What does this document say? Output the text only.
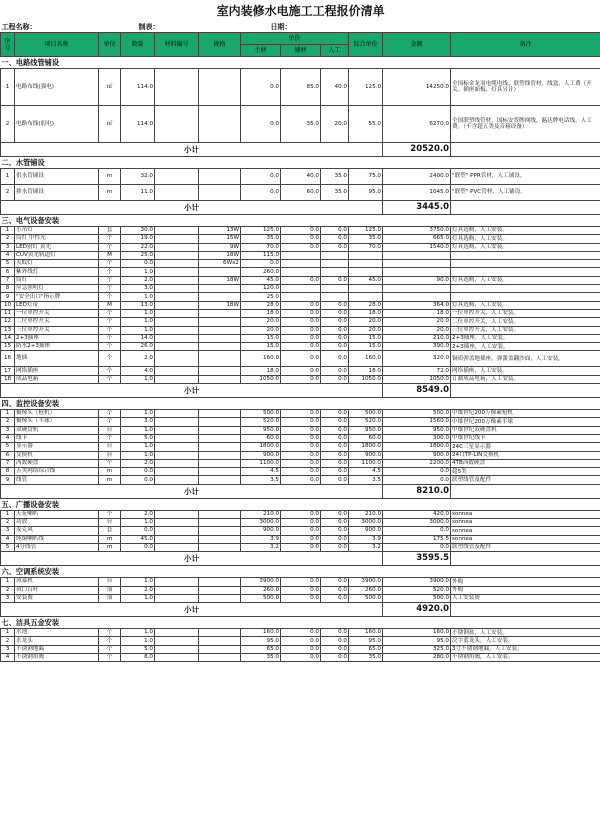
室内装修水电施工工程报价清单											
工程名称：			制表：			日期：					
序号	项目名称	单位	数量	材料编号	规格	单价			综合单价	金额	备注
						主材	辅材	人工			
一、电路线管铺设											
1	电路布线(强电)	㎡	114.0			0.0	85.0	40.0	125.0	14250.0	全国标金龙羽电缆电线，联塑线管材，线盒，人工费（开关、插座面板、灯具另计）
2	电路布线(弱电)	㎡	114.0			0.0	35.0	20.0	55.0	6270.0	全国联塑线管材，国标安普牌网线，蕗达牌电话线，人工费。（不含超五类及音箱设备）
小计										20520.0	
二、水管铺设											
1	供水管铺设	m	32.0			0.0	40.0	35.0	75.0	2400.0	"联塑" PPR管材，人工铺设。
2	排水管铺设	m	11.0			0.0	60.0	35.0	95.0	1045.0	"联塑" PVC管材，人工铺设。
小计										3445.0	
三、电气设备安装											
1	小吊灯	套	30.0		13W	125.0	0.0	0.0	125.0	3750.0	灯具选购，人工安装。
2	筒灯 中性光	个	19.0		15W	35.0	0.0	0.0	35.0	665.0	灯具选购，人工安装。
3	LED射灯 黄光	个	22.0		9W	70.0	0.0	0.0	70.0	1540.0	灯具选购，人工安装。
4	CUV黄光轨道灯	M	25.0		18W	115.0					
5	灭蚊灯	个	0.0		6Wx2	0.0					
6	紫外线灯	个	1.0			260.0					
7	筒灯	个	2.0		18W	45.0	0.0	0.0	45.0	90.0	灯具选购，人工安装。
8	应急照明灯	个	3.0			120.0					
9	"安全出口"指示牌	个	1.0			25.0					
10	LED灯带	M	13.0		18W	28.0	0.0	0.0	28.0	364.0	灯具选购，人工安装。
11	一位单控开关	个	1.0			18.0	0.0	0.0	18.0	18.0	一位单控开关，人工安装。
12	二位单控开关	个	1.0			20.0	0.0	0.0	20.0	20.0	二位单控开关，人工安装。
13	三位单控开关	个	1.0			20.0	0.0	0.0	20.0	20.0	三位单控开关，人工安装。
14	2+3插座	个	14.0			15.0	0.0	0.0	15.0	210.0	2+3插座，人工安装。
15	防水2+3插座	个	26.0			15.0	0.0	0.0	15.0	390.0	2+3插座，人工安装。
16	地插	个	2.0			160.0	0.0	0.0	160.0	320.0	铜质弹盖地插座，弹簧盖翻沙面，人工安装。
17	网络插座	个	4.0			18.0	0.0	0.0	18.0	72.0	网络插座，人工安装。
18	成品电箱	个	1.0			1050.0	0.0	0.0	1050.0	1050.0	订制成品电箱，人工安装。
小计										8549.0	
四、监控设备安装											
1	摄像头（枪机）	个	1.0			500.0	0.0	0.0	500.0	500.0	中维世纪200万像素枪机
2	摄像头（半球）	个	3.0			520.0	0.0	0.0	520.0	1560.0	中维世纪200万像素半球
3	双硬盘机	台	1.0			950.0	0.0	0.0	950.0	950.0	中维世纪双硬盘机
4	线卡	个	5.0			60.0	0.0	0.0	60.0	300.0	中维世纪线卡
5	显示器	台	1.0			1800.0	0.0	0.0	1800.0	1800.0	24C三星显示器
6	交换机	台	1.0			900.0	0.0	0.0	900.0	900.0	24口TP-LIN交换机
7	西数硬盘	个	2.0			1100.0	0.0	0.0	1100.0	2200.0	4TB西数硬盘
8	五类网络综合线	m	0.0			4.5	0.0	0.0	4.5	0.0	超5类
9	线管	m	0.0			3.5	0.0	0.0	3.5	0.0	联塑线管及配件
小计										8210.0	
五、广播设备安装											
1	天花喇叭	个	2.0			210.0	0.0	0.0	210.0	420.0	sonnea
2	功放	台	1.0			3000.0	0.0	0.0	3000.0	3000.0	sonnea
3	麦克风	套	0.0			900.0	0.0	0.0	900.0	0.0	sonnea
4	纯铜喇叭线	m	45.0			3.9	0.0	0.0	3.9	175.5	sonnea
5	4分线管	m	0.0			3.2	0.0	0.0	3.2	0.0	联塑线管及配件
小计										3595.5	
六、空调系统安装											
1	风幕机	台	1.0			3900.0	0.0	0.0	3900.0	3900.0	外购
2	风口百叶	项	2.0			260.0	0.0	0.0	260.0	520.0	外购
3	安装费	项	1.0			500.0	0.0	0.0	500.0	500.0	人工安装费
小计										4920.0	
七、洁具五金安装											
1	水池	个	1.0			160.0	0.0	0.0	160.0	160.0	不锈钢盆，人工安装。
2	水龙头	个	1.0			95.0	0.0	0.0	95.0	95.0	浣宇蓝龙头，人工安装。
3	不锈钢地漏	个	5.0			65.0	0.0	0.0	65.0	325.0	3寸不锈钢地漏，人工安装。
4	不锈钢角阀	个	8.0			35.0	0.0	0.0	35.0	280.0	不锈钢角阀，人工安装。
